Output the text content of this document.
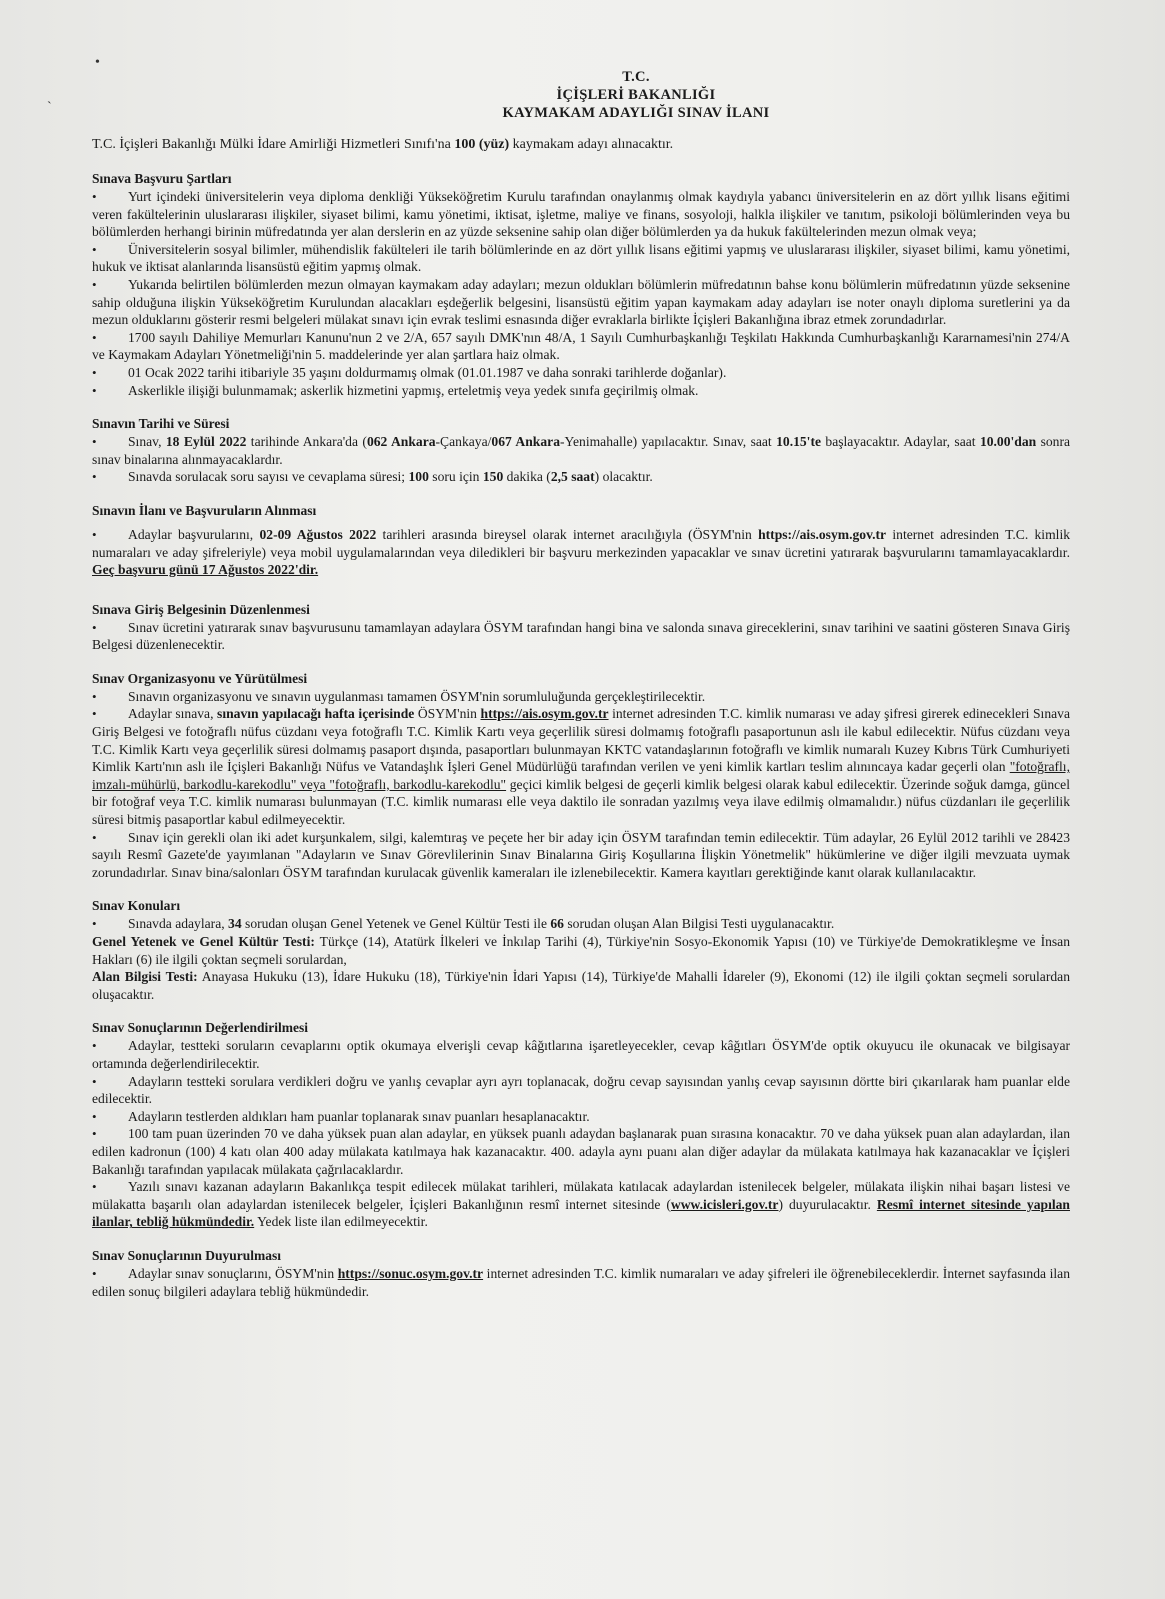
•
ˋ
T.C.
İÇİŞLERİ BAKANLIĞI
KAYMAKAM ADAYLIĞI SINAV İLANI

T.C. İçişleri Bakanlığı Mülki İdare Amirliği Hizmetleri Sınıfı'na 100 (yüz) kaymakam adayı alınacaktır.

Sınava Başvuru Şartları

• Yurt içindeki üniversitelerin veya diploma denkliği Yükseköğretim Kurulu tarafından onaylanmış olmak kaydıyla yabancı üniversitelerin en az dört yıllık lisans eğitimi veren fakültelerinin uluslararası ilişkiler, siyaset bilimi, kamu yönetimi, iktisat, işletme, maliye ve finans, sosyoloji, halkla ilişkiler ve tanıtım, psikoloji bölümlerinden veya bu bölümlerden herhangi birinin müfredatında yer alan derslerin en az yüzde seksenine sahip olan diğer bölümlerden ya da hukuk fakültelerinden mezun olmak veya;

• Üniversitelerin sosyal bilimler, mühendislik fakülteleri ile tarih bölümlerinde en az dört yıllık lisans eğitimi yapmış ve uluslararası ilişkiler, siyaset bilimi, kamu yönetimi, hukuk ve iktisat alanlarında lisansüstü eğitim yapmış olmak.

• Yukarıda belirtilen bölümlerden mezun olmayan kaymakam aday adayları; mezun oldukları bölümlerin müfredatının bahse konu bölümlerin müfredatının yüzde seksenine sahip olduğuna ilişkin Yükseköğretim Kurulundan alacakları eşdeğerlik belgesini, lisansüstü eğitim yapan kaymakam aday adayları ise noter onaylı diploma suretlerini ya da mezun olduklarını gösterir resmi belgeleri mülakat sınavı için evrak teslimi esnasında diğer evraklarla birlikte İçişleri Bakanlığına ibraz etmek zorundadırlar.

• 1700 sayılı Dahiliye Memurları Kanunu'nun 2 ve 2/A, 657 sayılı DMK'nın 48/A, 1 Sayılı Cumhurbaşkanlığı Teşkilatı Hakkında Cumhurbaşkanlığı Kararnamesi'nin 274/A ve Kaymakam Adayları Yönetmeliği'nin 5. maddelerinde yer alan şartlara haiz olmak.

• 01 Ocak 2022 tarihi itibariyle 35 yaşını doldurmamış olmak (01.01.1987 ve daha sonraki tarihlerde doğanlar).

• Askerlikle ilişiği bulunmamak; askerlik hizmetini yapmış, erteletmiş veya yedek sınıfa geçirilmiş olmak.

Sınavın Tarihi ve Süresi

• Sınav, 18 Eylül 2022 tarihinde Ankara'da (062 Ankara-Çankaya/067 Ankara-Yenimahalle) yapılacaktır. Sınav, saat 10.15'te başlayacaktır. Adaylar, saat 10.00'dan sonra sınav binalarına alınmayacaklardır.

• Sınavda sorulacak soru sayısı ve cevaplama süresi; 100 soru için 150 dakika (2,5 saat) olacaktır.

Sınavın İlanı ve Başvuruların Alınması

• Adaylar başvurularını, 02-09 Ağustos 2022 tarihleri arasında bireysel olarak internet aracılığıyla (ÖSYM'nin https://ais.osym.gov.tr internet adresinden T.C. kimlik numaraları ve aday şifreleriyle) veya mobil uygulamalarından veya diledikleri bir başvuru merkezinden yapacaklar ve sınav ücretini yatırarak başvurularını tamamlayacaklardır. Geç başvuru günü 17 Ağustos 2022'dir.

Sınava Giriş Belgesinin Düzenlenmesi

• Sınav ücretini yatırarak sınav başvurusunu tamamlayan adaylara ÖSYM tarafından hangi bina ve salonda sınava gireceklerini, sınav tarihini ve saatini gösteren Sınava Giriş Belgesi düzenlenecektir.

Sınav Organizasyonu ve Yürütülmesi

• Sınavın organizasyonu ve sınavın uygulanması tamamen ÖSYM'nin sorumluluğunda gerçekleştirilecektir.

• Adaylar sınava, sınavın yapılacağı hafta içerisinde ÖSYM'nin https://ais.osym.gov.tr internet adresinden T.C. kimlik numarası ve aday şifresi girerek edinecekleri Sınava Giriş Belgesi ve fotoğraflı nüfus cüzdanı veya fotoğraflı T.C. Kimlik Kartı veya geçerlilik süresi dolmamış fotoğraflı pasaportunun aslı ile kabul edilecektir. Nüfus cüzdanı veya T.C. Kimlik Kartı veya geçerlilik süresi dolmamış pasaport dışında, pasaportları bulunmayan KKTC vatandaşlarının fotoğraflı ve kimlik numaralı Kuzey Kıbrıs Türk Cumhuriyeti Kimlik Kartı'nın aslı ile İçişleri Bakanlığı Nüfus ve Vatandaşlık İşleri Genel Müdürlüğü tarafından verilen ve yeni kimlik kartları teslim alınıncaya kadar geçerli olan "fotoğraflı, imzalı-mühürlü, barkodlu-karekodlu" veya "fotoğraflı, barkodlu-karekodlu" geçici kimlik belgesi de geçerli kimlik belgesi olarak kabul edilecektir. Üzerinde soğuk damga, güncel bir fotoğraf veya T.C. kimlik numarası bulunmayan (T.C. kimlik numarası elle veya daktilo ile sonradan yazılmış veya ilave edilmiş olmamalıdır.) nüfus cüzdanları ile geçerlilik süresi bitmiş pasaportlar kabul edilmeyecektir.

• Sınav için gerekli olan iki adet kurşunkalem, silgi, kalemtıraş ve peçete her bir aday için ÖSYM tarafından temin edilecektir. Tüm adaylar, 26 Eylül 2012 tarihli ve 28423 sayılı Resmî Gazete'de yayımlanan "Adayların ve Sınav Görevlilerinin Sınav Binalarına Giriş Koşullarına İlişkin Yönetmelik" hükümlerine ve diğer ilgili mevzuata uymak zorundadırlar. Sınav bina/salonları ÖSYM tarafından kurulacak güvenlik kameraları ile izlenebilecektir. Kamera kayıtları gerektiğinde kanıt olarak kullanılacaktır.

Sınav Konuları

• Sınavda adaylara, 34 sorudan oluşan Genel Yetenek ve Genel Kültür Testi ile 66 sorudan oluşan Alan Bilgisi Testi uygulanacaktır.

Genel Yetenek ve Genel Kültür Testi: Türkçe (14), Atatürk İlkeleri ve İnkılap Tarihi (4), Türkiye'nin Sosyo-Ekonomik Yapısı (10) ve Türkiye'de Demokratikleşme ve İnsan Hakları (6) ile ilgili çoktan seçmeli sorulardan,

Alan Bilgisi Testi: Anayasa Hukuku (13), İdare Hukuku (18), Türkiye'nin İdari Yapısı (14), Türkiye'de Mahalli İdareler (9), Ekonomi (12) ile ilgili çoktan seçmeli sorulardan oluşacaktır.

Sınav Sonuçlarının Değerlendirilmesi

• Adaylar, testteki soruların cevaplarını optik okumaya elverişli cevap kâğıtlarına işaretleyecekler, cevap kâğıtları ÖSYM'de optik okuyucu ile okunacak ve bilgisayar ortamında değerlendirilecektir.

• Adayların testteki sorulara verdikleri doğru ve yanlış cevaplar ayrı ayrı toplanacak, doğru cevap sayısından yanlış cevap sayısının dörtte biri çıkarılarak ham puanlar elde edilecektir.

• Adayların testlerden aldıkları ham puanlar toplanarak sınav puanları hesaplanacaktır.

• 100 tam puan üzerinden 70 ve daha yüksek puan alan adaylar, en yüksek puanlı adaydan başlanarak puan sırasına konacaktır. 70 ve daha yüksek puan alan adaylardan, ilan edilen kadronun (100) 4 katı olan 400 aday mülakata katılmaya hak kazanacaktır. 400. adayla aynı puanı alan diğer adaylar da mülakata katılmaya hak kazanacaklar ve İçişleri Bakanlığı tarafından yapılacak mülakata çağrılacaklardır.

• Yazılı sınavı kazanan adayların Bakanlıkça tespit edilecek mülakat tarihleri, mülakata katılacak adaylardan istenilecek belgeler, mülakata ilişkin nihai başarı listesi ve mülakatta başarılı olan adaylardan istenilecek belgeler, İçişleri Bakanlığının resmî internet sitesinde (www.icisleri.gov.tr) duyurulacaktır. Resmî internet sitesinde yapılan ilanlar, tebliğ hükmündedir. Yedek liste ilan edilmeyecektir.

Sınav Sonuçlarının Duyurulması

• Adaylar sınav sonuçlarını, ÖSYM'nin https://sonuc.osym.gov.tr internet adresinden T.C. kimlik numaraları ve aday şifreleri ile öğrenebileceklerdir. İnternet sayfasında ilan edilen sonuç bilgileri adaylara tebliğ hükmündedir.
